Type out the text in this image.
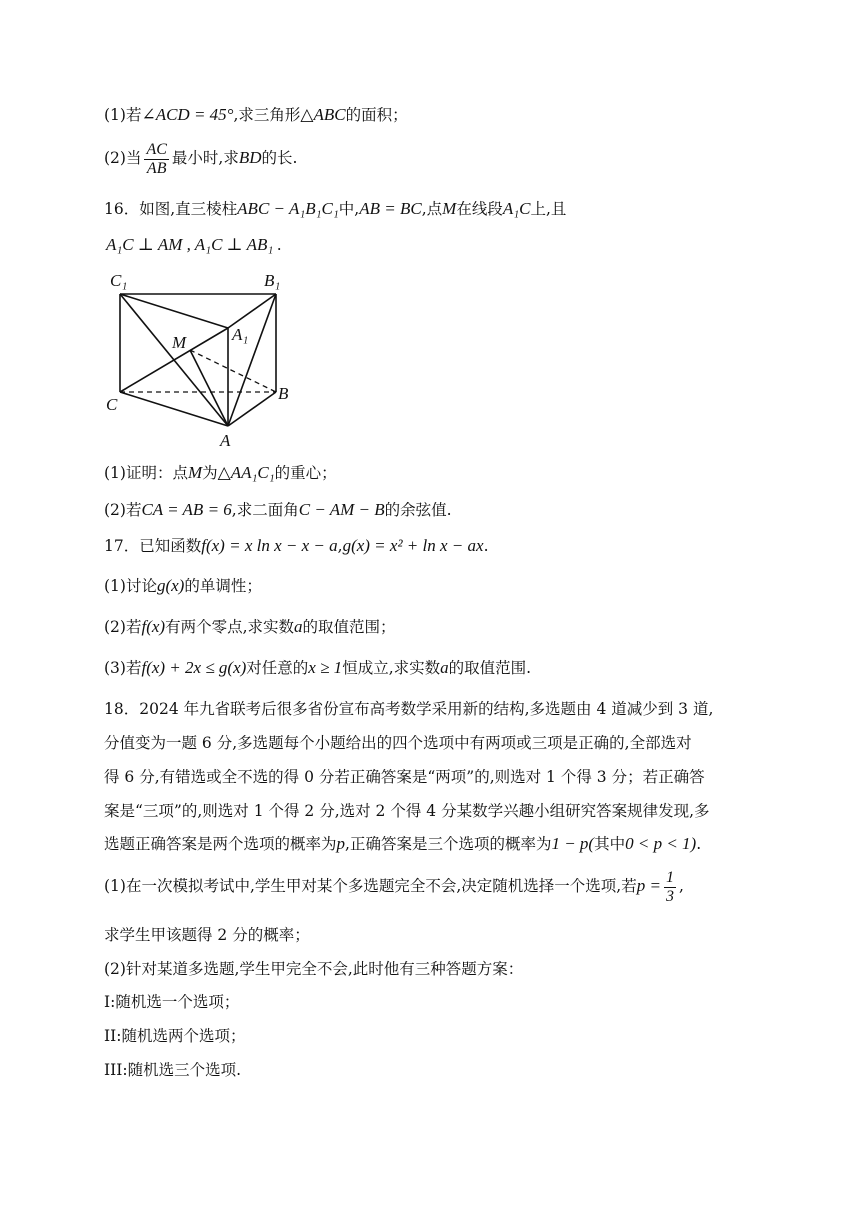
(1)若∠ACD = 45°,求三角形△ABC的面积；
(2)当 $\frac{AC}{AB}$ 最小时,求BD的长.
16．如图,直三棱柱ABC − A₁B₁C₁中,AB = BC,点M在线段A₁C上,且
A₁C ⊥ AM , A₁C ⊥ AB₁ .
C₁	B₁
A₁
M
C
B
A
(1)证明：点M为△AA₁C₁的重心；
(2)若CA = AB = 6,求二面角C − AM − B的余弦值.
17．已知函数f(x) = x ln x − x − a,g(x) = x² + ln x − ax.
(1)讨论g(x)的单调性；
(2)若f(x)有两个零点,求实数a的取值范围；
(3)若f(x) + 2x ≤ g(x)对任意的x ≥ 1恒成立,求实数a的取值范围.
18．2024 年九省联考后很多省份宣布高考数学采用新的结构,多选题由 4 道减少到 3 道,
分值变为一题 6 分,多选题每个小题给出的四个选项中有两项或三项是正确的,全部选对
得 6 分,有错选或全不选的得 0 分若正确答案是“两项”的,则选对 1 个得 3 分；若正确答
案是“三项”的,则选对 1 个得 2 分,选对 2 个得 4 分某数学兴趣小组研究答案规律发现,多
选题正确答案是两个选项的概率为p,正确答案是三个选项的概率为1 − p(其中0 < p < 1).
(1)在一次模拟考试中,学生甲对某个多选题完全不会,决定随机选择一个选项,若$p = \frac{1}{3}$ ,
求学生甲该题得 2 分的概率；
(2)针对某道多选题,学生甲完全不会,此时他有三种答题方案：
I:随机选一个选项；
II:随机选两个选项；
III:随机选三个选项.
